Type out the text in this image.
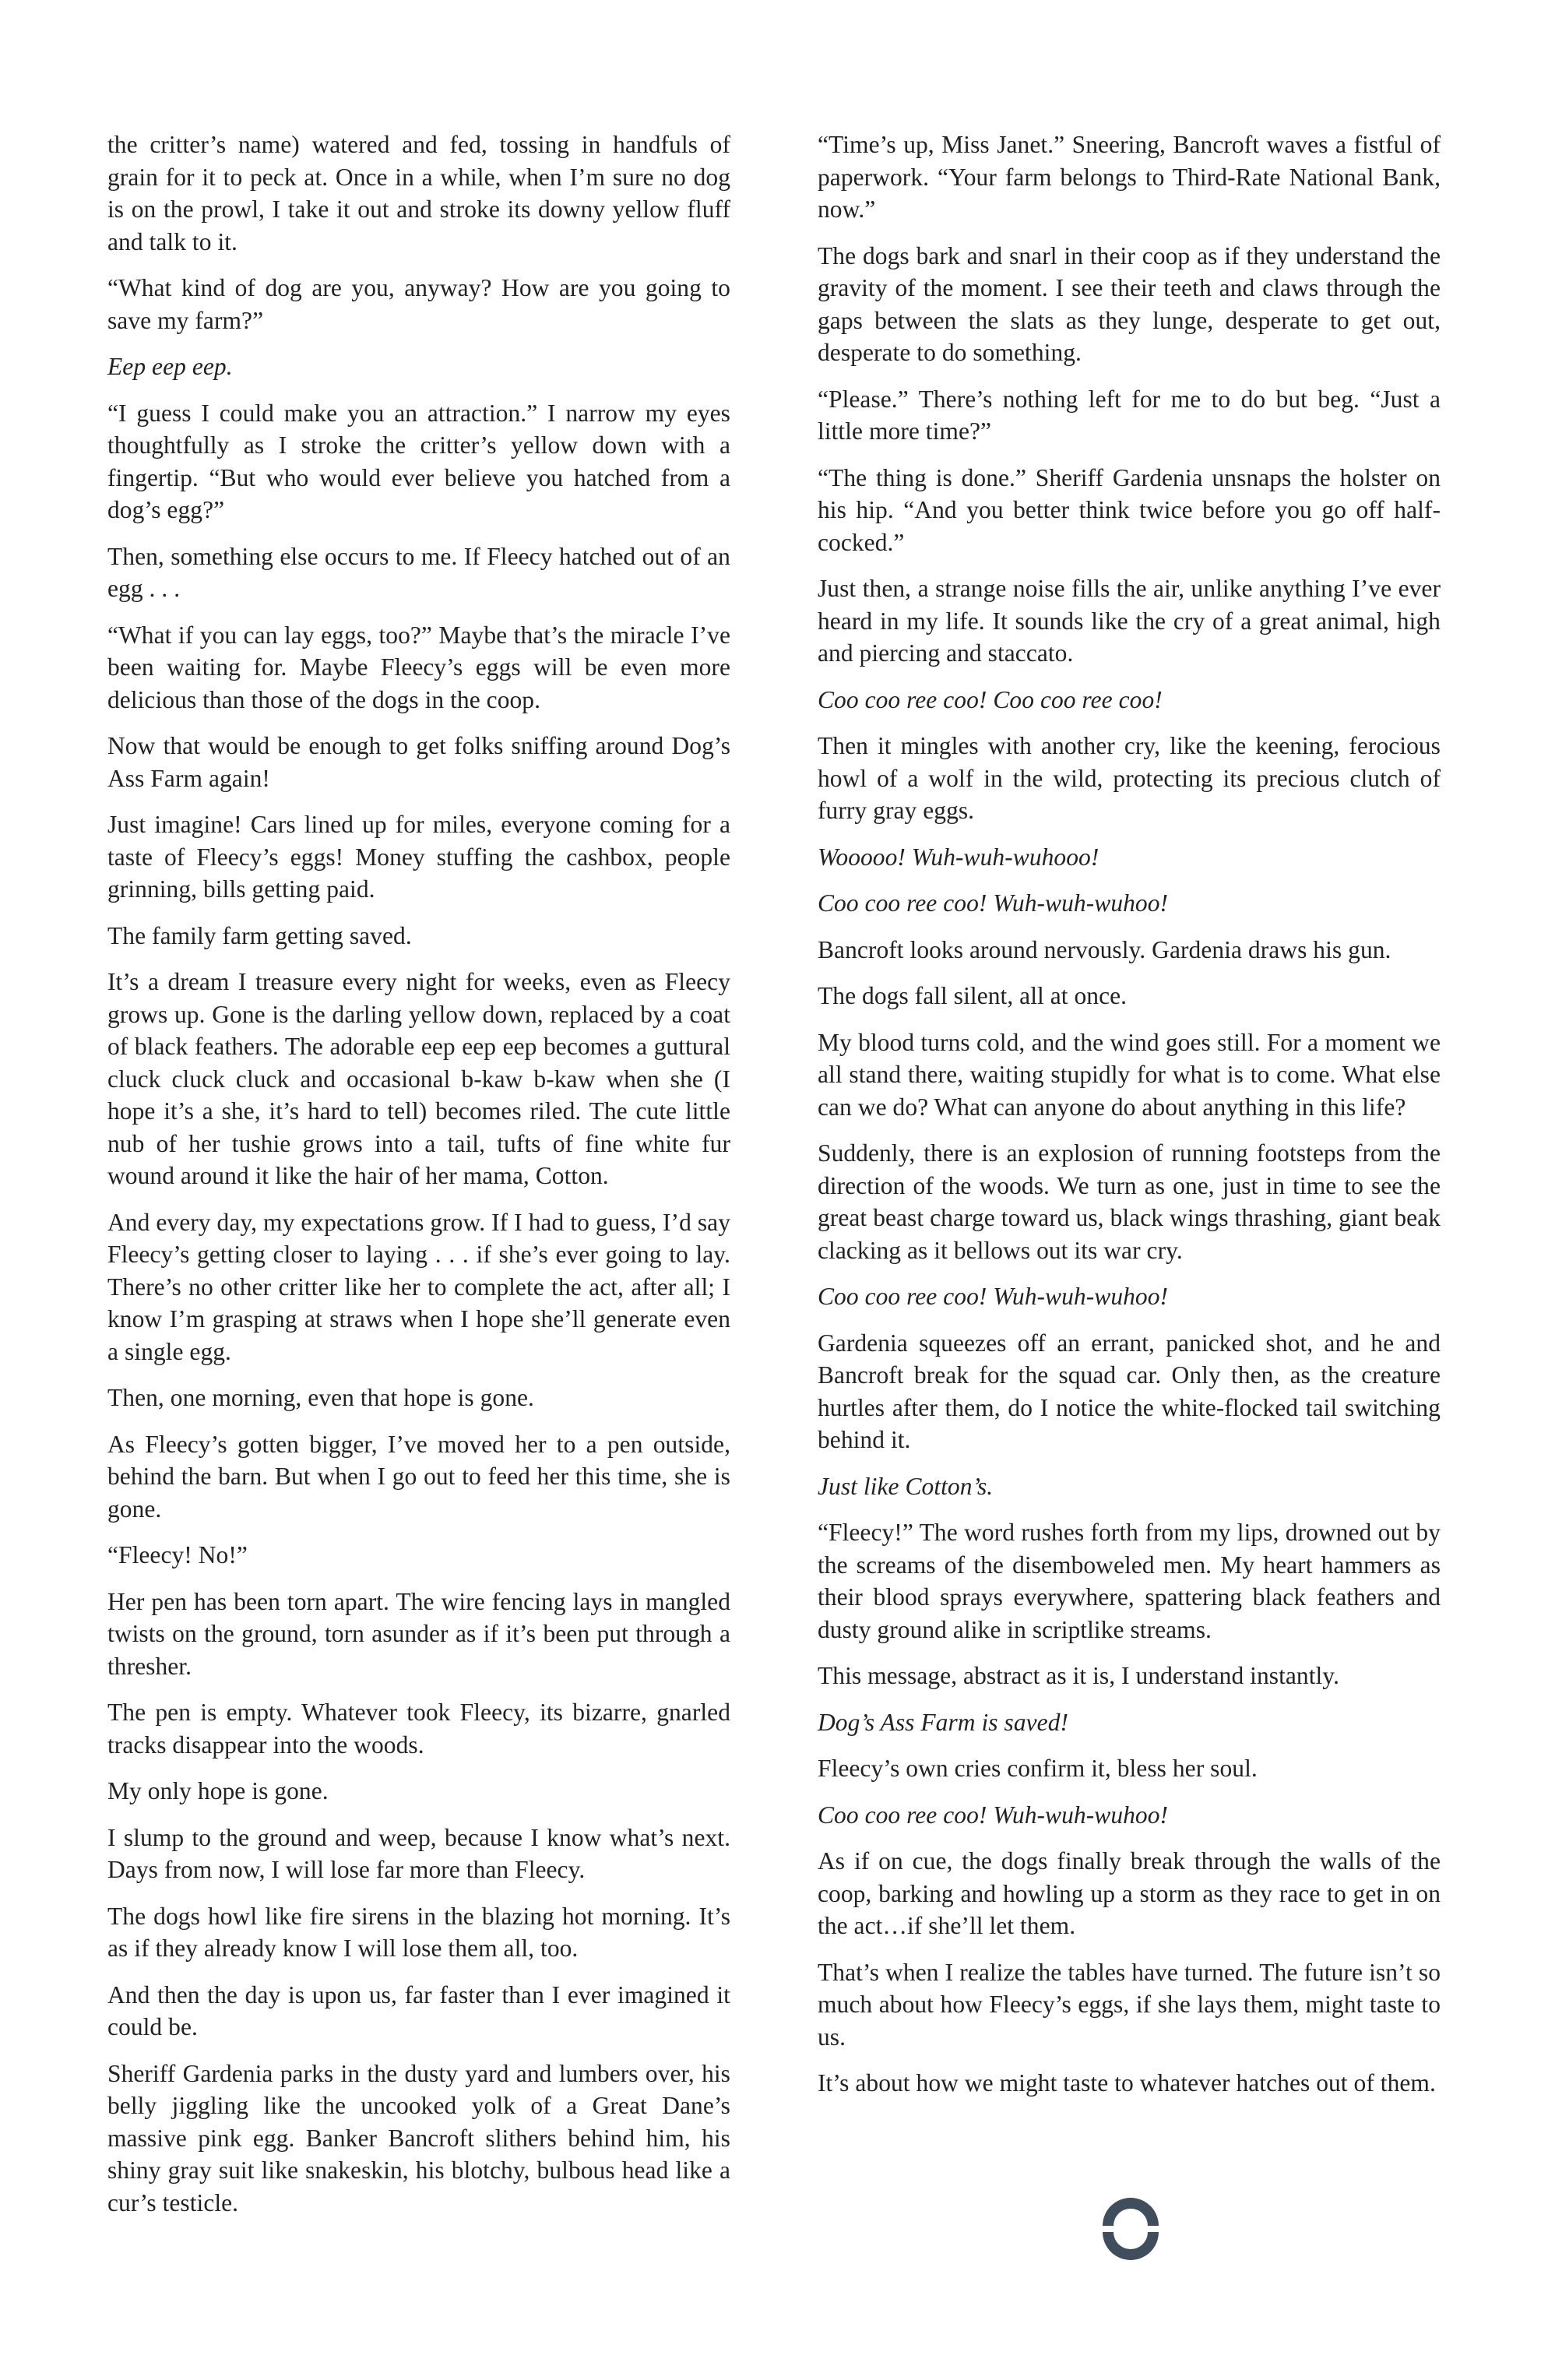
the critter’s name) watered and fed, tossing in handfuls of grain for it to peck at. Once in a while, when I’m sure no dog is on the prowl, I take it out and stroke its downy yellow fluff and talk to it.

“What kind of dog are you, anyway? How are you going to save my farm?”

Eep eep eep.

“I guess I could make you an attraction.” I narrow my eyes thoughtfully as I stroke the critter’s yellow down with a fingertip. “But who would ever believe you hatched from a dog’s egg?”

Then, something else occurs to me. If Fleecy hatched out of an egg . . .

“What if you can lay eggs, too?” Maybe that’s the miracle I’ve been waiting for. Maybe Fleecy’s eggs will be even more delicious than those of the dogs in the coop.

Now that would be enough to get folks sniffing around Dog’s Ass Farm again!

Just imagine! Cars lined up for miles, everyone coming for a taste of Fleecy’s eggs! Money stuffing the cashbox, people grinning, bills getting paid.

The family farm getting saved.

It’s a dream I treasure every night for weeks, even as Fleecy grows up. Gone is the darling yellow down, replaced by a coat of black feathers. The adorable eep eep eep becomes a guttural cluck cluck cluck and occasional b-kaw b-kaw when she (I hope it’s a she, it’s hard to tell) becomes riled. The cute little nub of her tushie grows into a tail, tufts of fine white fur wound around it like the hair of her mama, Cotton.

And every day, my expectations grow. If I had to guess, I’d say Fleecy’s getting closer to laying . . . if she’s ever going to lay. There’s no other critter like her to complete the act, after all; I know I’m grasping at straws when I hope she’ll generate even a single egg.

Then, one morning, even that hope is gone.

As Fleecy’s gotten bigger, I’ve moved her to a pen outside, behind the barn. But when I go out to feed her this time, she is gone.

“Fleecy! No!”

Her pen has been torn apart. The wire fencing lays in mangled twists on the ground, torn asunder as if it’s been put through a thresher.

The pen is empty. Whatever took Fleecy, its bizarre, gnarled tracks disappear into the woods.

My only hope is gone.

I slump to the ground and weep, because I know what’s next. Days from now, I will lose far more than Fleecy.

The dogs howl like fire sirens in the blazing hot morning. It’s as if they already know I will lose them all, too.

And then the day is upon us, far faster than I ever imagined it could be.

Sheriff Gardenia parks in the dusty yard and lumbers over, his belly jiggling like the uncooked yolk of a Great Dane’s massive pink egg. Banker Bancroft slithers behind him, his shiny gray suit like snakeskin, his blotchy, bulbous head like a cur’s testicle.

“Time’s up, Miss Janet.” Sneering, Bancroft waves a fistful of paperwork. “Your farm belongs to Third-Rate National Bank, now.”

The dogs bark and snarl in their coop as if they understand the gravity of the moment. I see their teeth and claws through the gaps between the slats as they lunge, desperate to get out, desperate to do something.

“Please.” There’s nothing left for me to do but beg. “Just a little more time?”

“The thing is done.” Sheriff Gardenia unsnaps the holster on his hip. “And you better think twice before you go off half-cocked.”

Just then, a strange noise fills the air, unlike anything I’ve ever heard in my life. It sounds like the cry of a great animal, high and piercing and staccato.

Coo coo ree coo! Coo coo ree coo!

Then it mingles with another cry, like the keening, ferocious howl of a wolf in the wild, protecting its precious clutch of furry gray eggs.

Wooooo! Wuh-wuh-wuhooo!

Coo coo ree coo! Wuh-wuh-wuhoo!

Bancroft looks around nervously. Gardenia draws his gun.

The dogs fall silent, all at once.

My blood turns cold, and the wind goes still. For a moment we all stand there, waiting stupidly for what is to come. What else can we do? What can anyone do about anything in this life?

Suddenly, there is an explosion of running footsteps from the direction of the woods. We turn as one, just in time to see the great beast charge toward us, black wings thrashing, giant beak clacking as it bellows out its war cry.

Coo coo ree coo! Wuh-wuh-wuhoo!

Gardenia squeezes off an errant, panicked shot, and he and Bancroft break for the squad car. Only then, as the creature hurtles after them, do I notice the white-flocked tail switching behind it.

Just like Cotton’s.

“Fleecy!” The word rushes forth from my lips, drowned out by the screams of the disemboweled men. My heart hammers as their blood sprays everywhere, spattering black feathers and dusty ground alike in scriptlike streams.

This message, abstract as it is, I understand instantly.

Dog’s Ass Farm is saved!

Fleecy’s own cries confirm it, bless her soul.

Coo coo ree coo! Wuh-wuh-wuhoo!

As if on cue, the dogs finally break through the walls of the coop, barking and howling up a storm as they race to get in on the act…if she’ll let them.

That’s when I realize the tables have turned. The future isn’t so much about how Fleecy’s eggs, if she lays them, might taste to us.

It’s about how we might taste to whatever hatches out of them.
